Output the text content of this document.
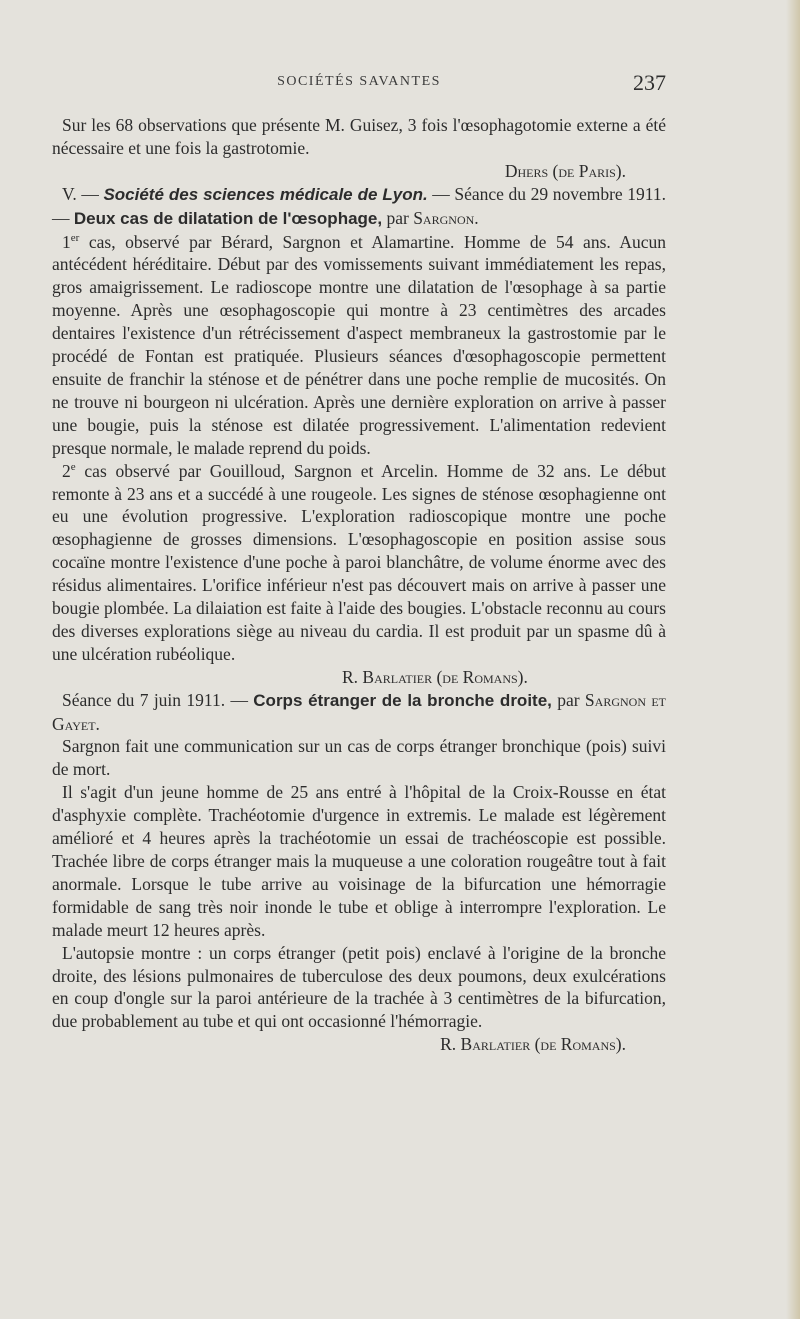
SOCIÉTÉS SAVANTES	237

Sur les 68 observations que présente M. Guisez, 3 fois l'œsophagotomie externe a été nécessaire et une fois la gastrotomie.

Dhers (de Paris).

V. — Société des sciences médicale de Lyon. — Séance du 29 novembre 1911. — Deux cas de dilatation de l'œsophage, par Sargnon.

1er cas, observé par Bérard, Sargnon et Alamartine. Homme de 54 ans. Aucun antécédent héréditaire. Début par des vomissements suivant immédiatement les repas, gros amaigrissement. Le radioscope montre une dilatation de l'œsophage à sa partie moyenne. Après une œsophagoscopie qui montre à 23 centimètres des arcades dentaires l'existence d'un rétrécissement d'aspect membraneux la gastrostomie par le procédé de Fontan est pratiquée. Plusieurs séances d'œsophagoscopie permettent ensuite de franchir la sténose et de pénétrer dans une poche remplie de mucosités. On ne trouve ni bourgeon ni ulcération. Après une dernière exploration on arrive à passer une bougie, puis la sténose est dilatée progressivement. L'alimentation redevient presque normale, le malade reprend du poids.

2e cas observé par Gouilloud, Sargnon et Arcelin. Homme de 32 ans. Le début remonte à 23 ans et a succédé à une rougeole. Les signes de sténose œsophagienne ont eu une évolution progressive. L'exploration radioscopique montre une poche œsophagienne de grosses dimensions. L'œsophagoscopie en position assise sous cocaïne montre l'existence d'une poche à paroi blanchâtre, de volume énorme avec des résidus alimentaires. L'orifice inférieur n'est pas découvert mais on arrive à passer une bougie plombée. La dilaiation est faite à l'aide des bougies. L'obstacle reconnu au cours des diverses explorations siège au niveau du cardia. Il est produit par un spasme dû à une ulcération rubéolique.

R. Barlatier (de Romans).

Séance du 7 juin 1911. — Corps étranger de la bronche droite, par Sargnon et Gayet.

Sargnon fait une communication sur un cas de corps étranger bronchique (pois) suivi de mort.

Il s'agit d'un jeune homme de 25 ans entré à l'hôpital de la Croix-Rousse en état d'asphyxie complète. Trachéotomie d'urgence in extremis. Le malade est légèrement amélioré et 4 heures après la trachéotomie un essai de trachéoscopie est possible. Trachée libre de corps étranger mais la muqueuse a une coloration rougeâtre tout à fait anormale. Lorsque le tube arrive au voisinage de la bifurcation une hémorragie formidable de sang très noir inonde le tube et oblige à interrompre l'exploration. Le malade meurt 12 heures après.

L'autopsie montre : un corps étranger (petit pois) enclavé à l'origine de la bronche droite, des lésions pulmonaires de tuberculose des deux poumons, deux exulcérations en coup d'ongle sur la paroi antérieure de la trachée à 3 centimètres de la bifurcation, due probablement au tube et qui ont occasionné l'hémorragie.

R. Barlatier (de Romans).
